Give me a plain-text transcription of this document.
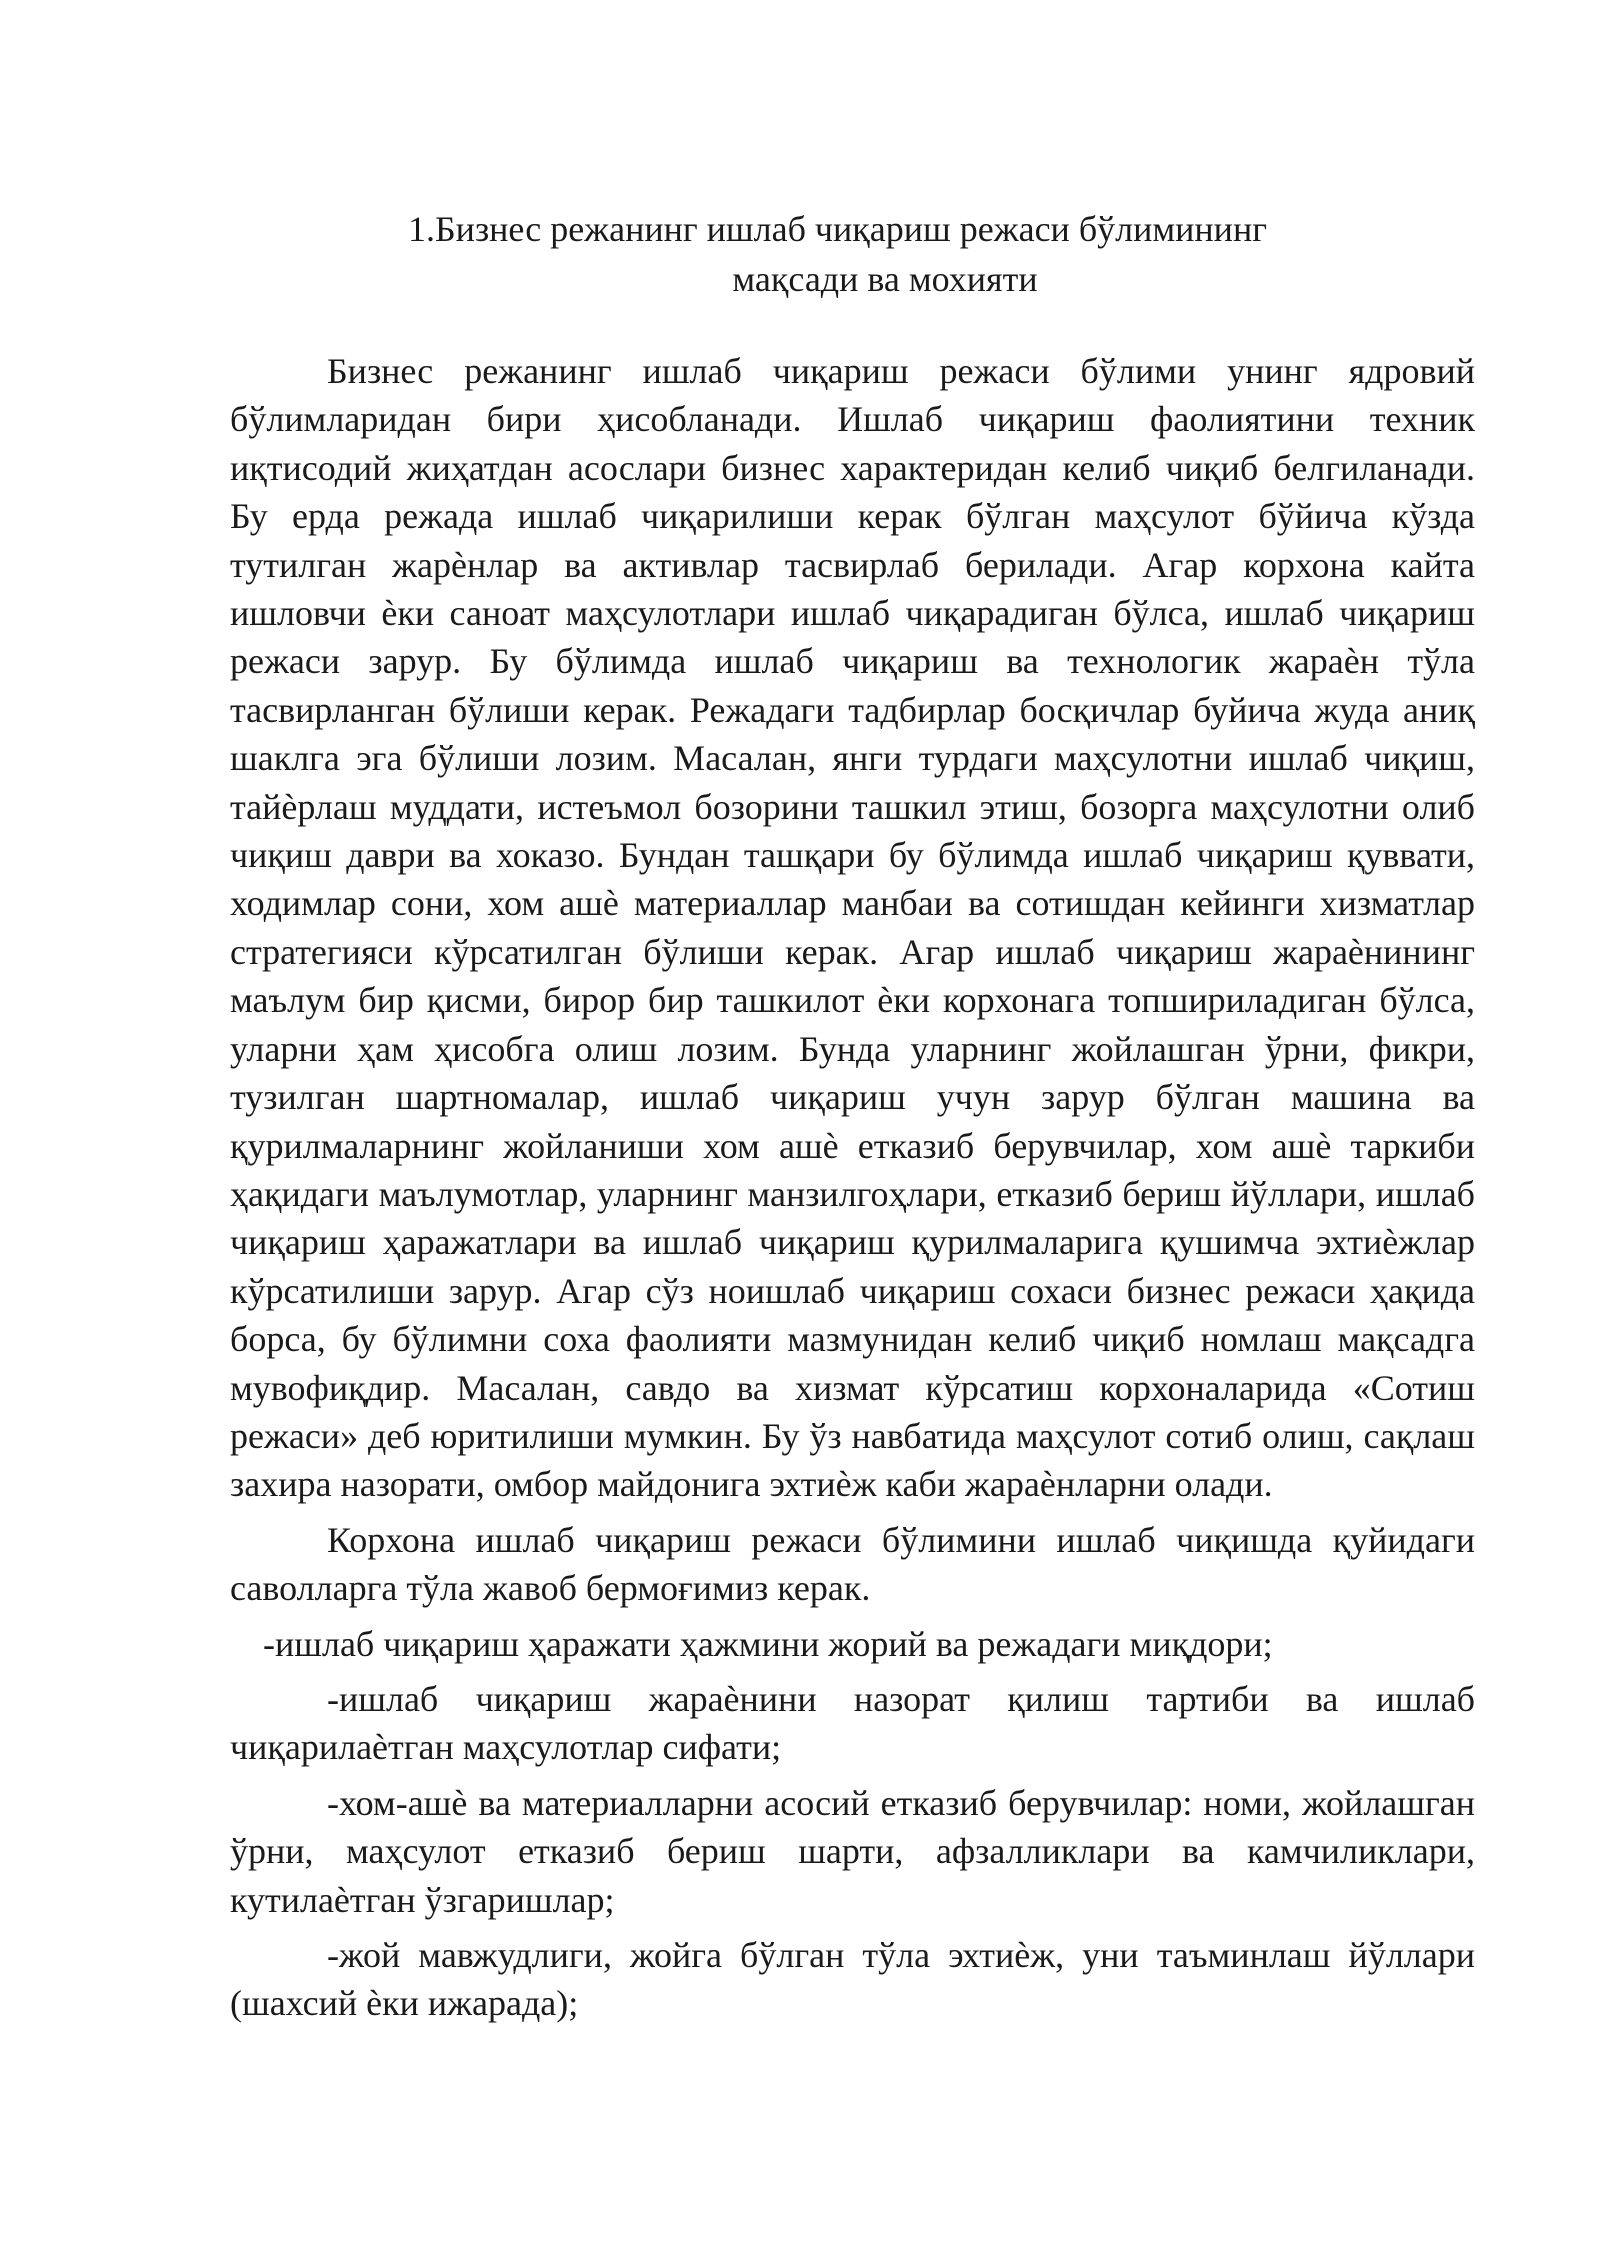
1.Бизнес режанинг ишлаб чиқариш режаси бўлимининг
мақсади ва мохияти

Бизнес режанинг ишлаб чиқариш режаси бўлими унинг ядровий бўлимларидан бири ҳисобланади. Ишлаб чиқариш фаолиятини техник иқтисодий жиҳатдан асослари бизнес характеридан келиб чиқиб белгиланади. Бу ерда режада ишлаб чиқарилиши керак бўлган маҳсулот бўйича кўзда тутилган жарѐнлар ва активлар тасвирлаб берилади. Агар корхона кайта ишловчи ѐки саноат маҳсулотлари ишлаб чиқарадиган бўлса, ишлаб чиқариш режаси зарур. Бу бўлимда ишлаб чиқариш ва технологик жараѐн тўла тасвирланган бўлиши керак. Режадаги тадбирлар босқичлар буйича жуда аниқ шаклга эга бўлиши лозим. Масалан, янги турдаги маҳсулотни ишлаб чиқиш, тайѐрлаш муддати, истеъмол бозорини ташкил этиш, бозорга маҳсулотни олиб чиқиш даври ва хоказо. Бундан ташқари бу бўлимда ишлаб чиқариш қуввати, ходимлар сони, хом ашѐ материаллар манбаи ва сотишдан кейинги хизматлар стратегияси кўрсатилган бўлиши керак. Агар ишлаб чиқариш жараѐнининг маълум бир қисми, бирор бир ташкилот ѐки корхонага топшириладиган бўлса, уларни ҳам ҳисобга олиш лозим. Бунда уларнинг жойлашган ўрни, фикри, тузилган шартномалар, ишлаб чиқариш учун зарур бўлган машина ва қурилмаларнинг жойланиши хом ашѐ етказиб берувчилар, хом ашѐ таркиби ҳақидаги маълумотлар, уларнинг манзилгоҳлари, етказиб бериш йўллари, ишлаб чиқариш ҳаражатлари ва ишлаб чиқариш қурилмаларига қушимча эхтиѐжлар кўрсатилиши зарур. Агар сўз ноишлаб чиқариш сохаси бизнес режаси ҳақида борса, бу бўлимни соха фаолияти мазмунидан келиб чиқиб номлаш мақсадга мувофиқдир. Масалан, савдо ва хизмат кўрсатиш корхоналарида «Сотиш режаси» деб юритилиши мумкин. Бу ўз навбатида маҳсулот сотиб олиш, сақлаш захира назорати, омбор майдонига эхтиѐж каби жараѐнларни олади.

Корхона ишлаб чиқариш режаси бўлимини ишлаб чиқишда қуйидаги саволларга тўла жавоб бермоғимиз керак.

-ишлаб чиқариш ҳаражати ҳажмини жорий ва режадаги миқдори;

-ишлаб чиқариш жараѐнини назорат қилиш тартиби ва ишлаб чиқарилаѐтган маҳсулотлар сифати;

-хом-ашѐ ва материалларни асосий етказиб берувчилар: номи, жойлашган ўрни, маҳсулот етказиб бериш шарти, афзалликлари ва камчиликлари, кутилаѐтган ўзгаришлар;

-жой мавжудлиги, жойга бўлган тўла эхтиѐж, уни таъминлаш йўллари (шахсий ѐки ижарада);
